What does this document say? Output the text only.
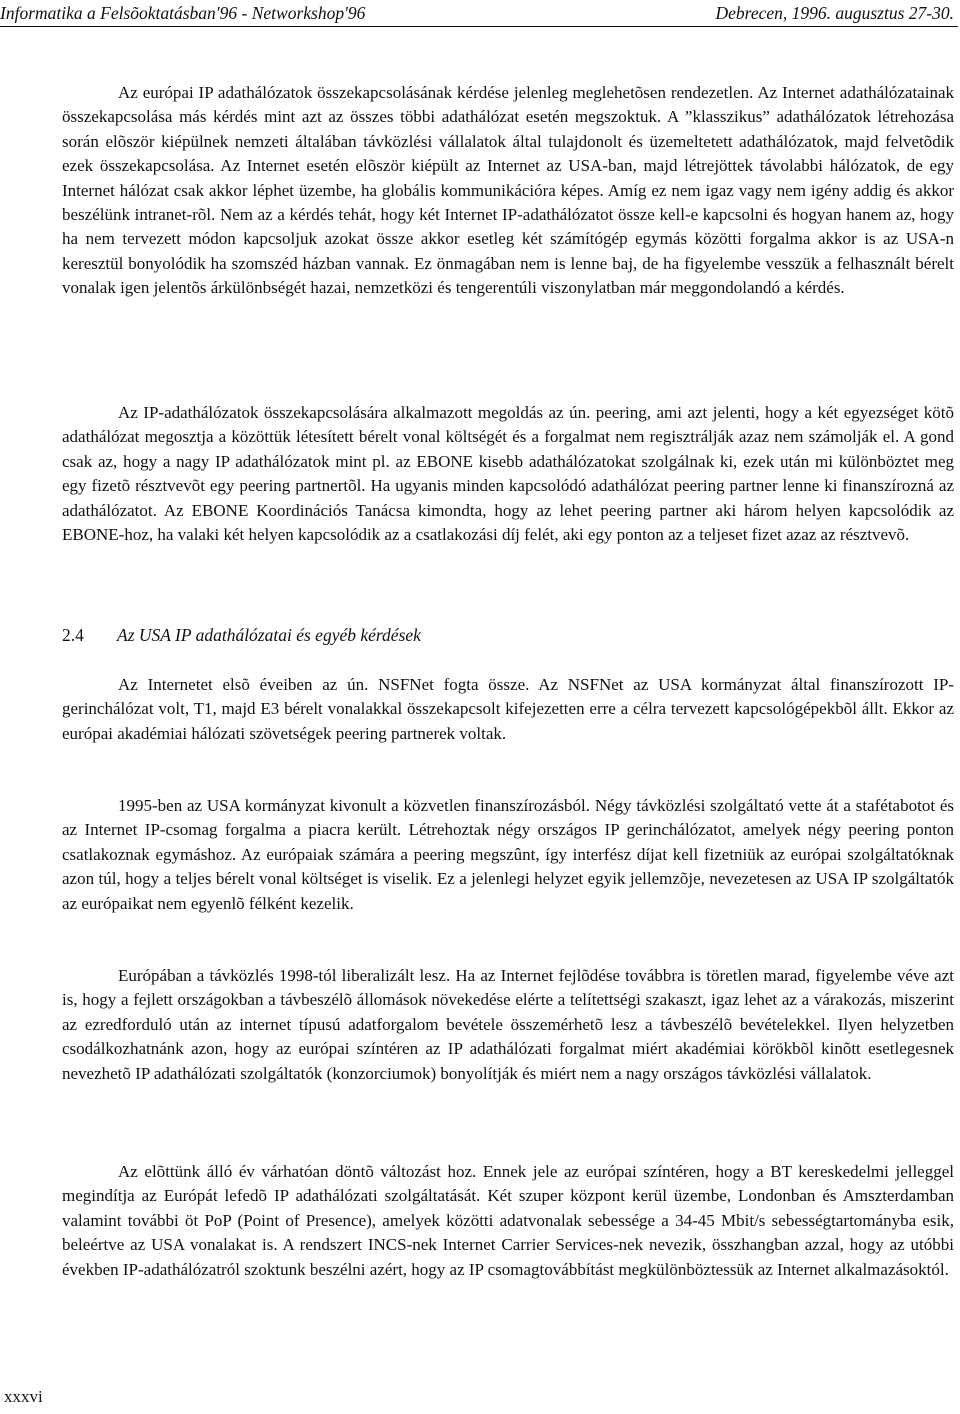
Informatika a Felsõoktatásban′96 - Networkshop′96	Debrecen, 1996. augusztus 27-30.

Az európai IP adathálózatok összekapcsolásának kérdése jelenleg meglehetõsen rendezetlen. Az Internet adathálózatainak összekapcsolása más kérdés mint azt az összes többi adathálózat esetén megszoktuk. A ”klasszikus” adathálózatok létrehozása során elõször kiépülnek nemzeti általában távközlési vállalatok által tulajdonolt és üzemeltetett adathálózatok, majd felvetõdik ezek összekapcsolása. Az Internet esetén elõször kiépült az Internet az USA-ban, majd létrejöttek távolabbi hálózatok, de egy Internet hálózat csak akkor léphet üzembe, ha globális kommunikációra képes. Amíg ez nem igaz vagy nem igény addig és akkor beszélünk intranet-rõl. Nem az a kérdés tehát, hogy két Internet IP-adathálózatot össze kell-e kapcsolni és hogyan hanem az, hogy ha nem tervezett módon kapcsoljuk azokat össze akkor esetleg két számítógép egymás közötti forgalma akkor is az USA-n keresztül bonyolódik ha szomszéd házban vannak. Ez önmagában nem is lenne baj, de ha figyelembe vesszük a felhasznált bérelt vonalak igen jelentõs árkülönbségét hazai, nemzetközi és tengerentúli viszonylatban már meggondolandó a kérdés.

Az IP-adathálózatok összekapcsolására alkalmazott megoldás az ún. peering, ami azt jelenti, hogy a két egyezséget kötõ adathálózat megosztja a közöttük létesített bérelt vonal költségét és a forgalmat nem regisztrálják azaz nem számolják el. A gond csak az, hogy a nagy IP adathálózatok mint pl. az EBONE kisebb adathálózatokat szolgálnak ki, ezek után mi különböztet meg egy fizetõ résztvevõt egy peering partnertõl. Ha ugyanis minden kapcsolódó adathálózat peering partner lenne ki finanszírozná az adathálózatot. Az EBONE Koordinációs Tanácsa kimondta, hogy az lehet peering partner aki három helyen kapcsolódik az EBONE-hoz, ha valaki két helyen kapcsolódik az a csatlakozási díj felét, aki egy ponton az a teljeset fizet azaz az résztvevõ.

2.4 Az USA IP adathálózatai és egyéb kérdések

Az Internetet elsõ éveiben az ún. NSFNet fogta össze. Az NSFNet az USA kormányzat által finanszírozott IP-gerinchálózat volt, T1, majd E3 bérelt vonalakkal összekapcsolt kifejezetten erre a célra tervezett kapcsológépekbõl állt. Ekkor az európai akadémiai hálózati szövetségek peering partnerek voltak.

1995-ben az USA kormányzat kivonult a közvetlen finanszírozásból. Négy távközlési szolgáltató vette át a stafétabotot és az Internet IP-csomag forgalma a piacra került. Létrehoztak négy országos IP gerinchálózatot, amelyek négy peering ponton csatlakoznak egymáshoz. Az európaiak számára a peering megszûnt, így interfész díjat kell fizetniük az európai szolgáltatóknak azon túl, hogy a teljes bérelt vonal költséget is viselik. Ez a jelenlegi helyzet egyik jellemzõje, nevezetesen az USA IP szolgáltatók az európaikat nem egyenlõ félként kezelik.

Európában a távközlés 1998-tól liberalizált lesz. Ha az Internet fejlõdése továbbra is töretlen marad, figyelembe véve azt is, hogy a fejlett országokban a távbeszélõ állomások növekedése elérte a telítettségi szakaszt, igaz lehet az a várakozás, miszerint az ezredforduló után az internet típusú adatforgalom bevétele összemérhetõ lesz a távbeszélõ bevételekkel. Ilyen helyzetben csodálkozhatnánk azon, hogy az európai színtéren az IP adathálózati forgalmat miért akadémiai körökbõl kinõtt esetlegesnek nevezhetõ IP adathálózati szolgáltatók (konzorciumok) bonyolítják és miért nem a nagy országos távközlési vállalatok.

Az elõttünk álló év várhatóan döntõ változást hoz. Ennek jele az európai színtéren, hogy a BT kereskedelmi jelleggel megindítja az Európát lefedõ IP adathálózati szolgáltatását. Két szuper központ kerül üzembe, Londonban és Amszterdamban valamint további öt PoP (Point of Presence), amelyek közötti adatvonalak sebessége a 34-45 Mbit/s sebességtartományba esik, beleértve az USA vonalakat is. A rendszert INCS-nek Internet Carrier Services-nek nevezik, összhangban azzal, hogy az utóbbi években IP-adathálózatról szoktunk beszélni azért, hogy az IP csomagtovábbítást megkülönböztessük az Internet alkalmazásoktól.

xxxvi
